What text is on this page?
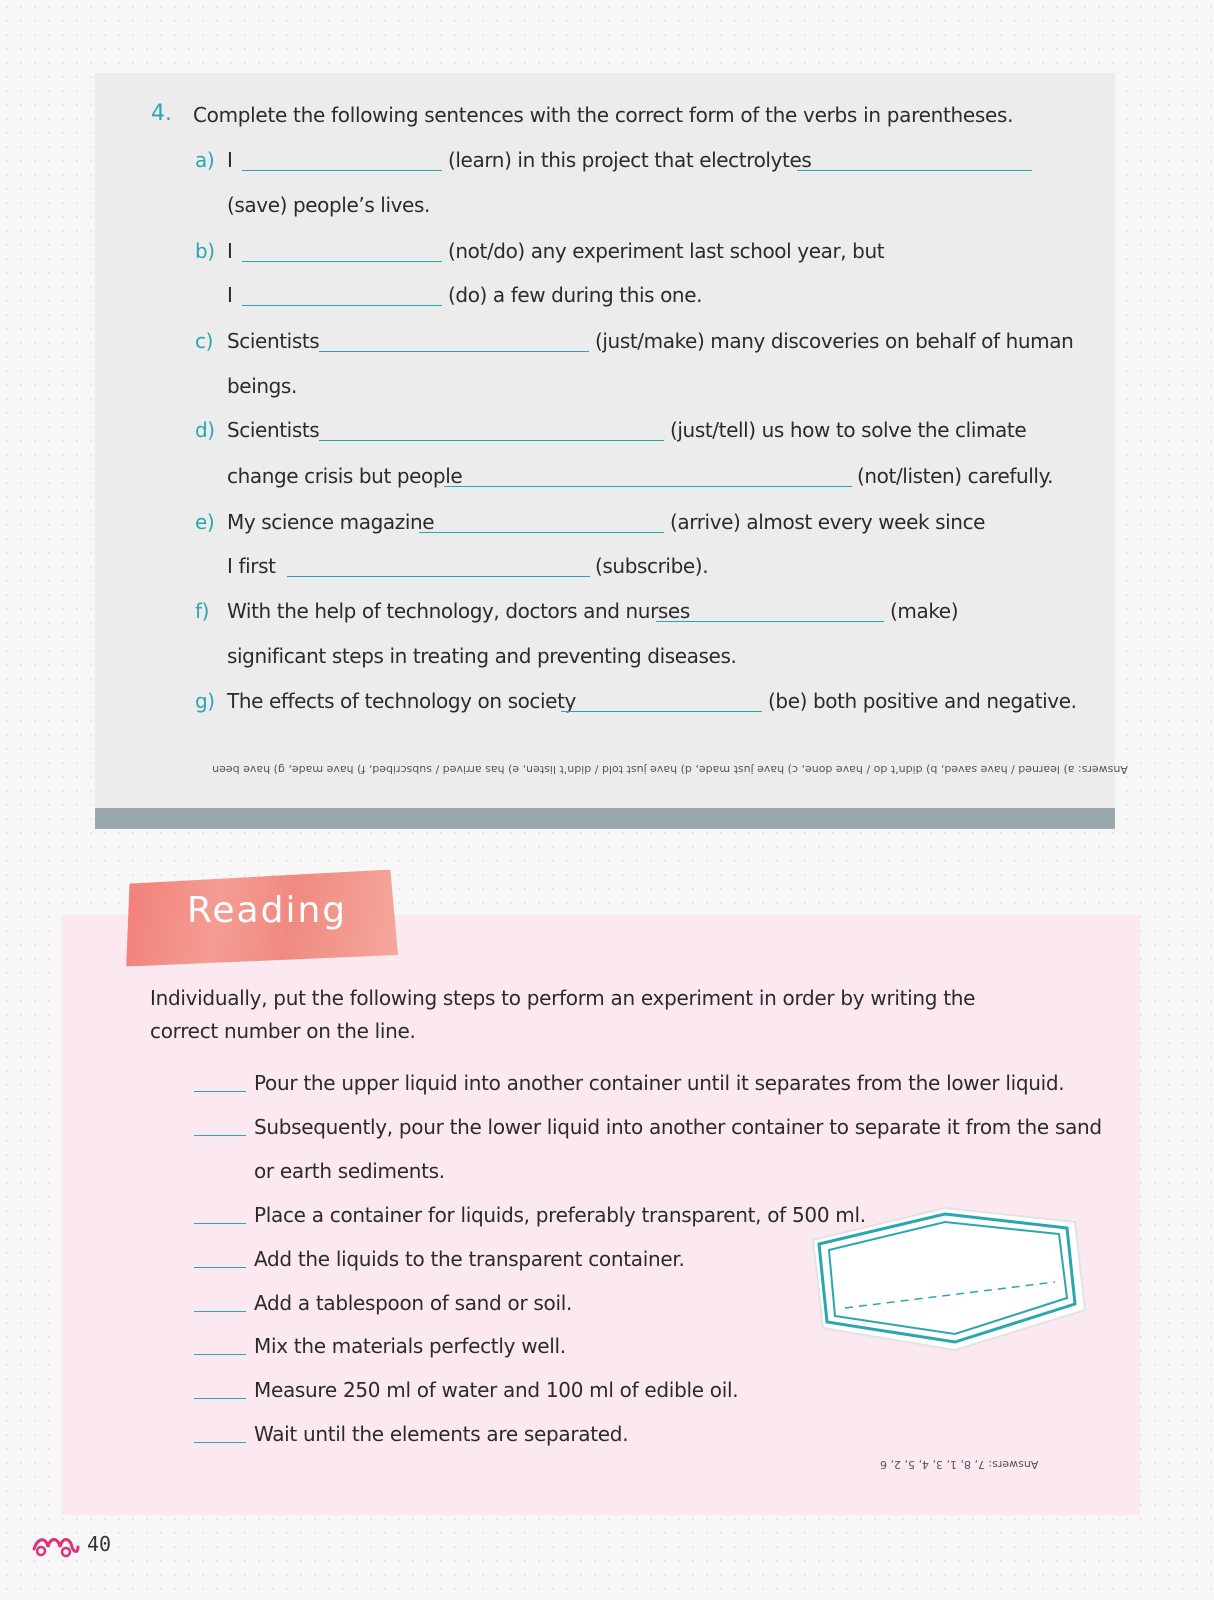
4. Complete the following sentences with the correct form of the verbs in parentheses.
a) I	(learn) in this project that electrolytes
(save) people’s lives.
b) I	(not/do) any experiment last school year, but
I	(do) a few during this one.
c) Scientists	(just/make) many discoveries on behalf of human
beings.
d) Scientists	(just/tell) us how to solve the climate
change crisis but people	(not/listen) carefully.
e) My science magazine	(arrive) almost every week since
I first	(subscribe).
f) With the help of technology, doctors and nurses	(make)
significant steps in treating and preventing diseases.
g) The effects of technology on society	(be) both positive and negative.
Answers: a) learned / have saved, b) didn’t do / have done, c) have just made, d) have just told / didn’t listen, e) has arrived / subscribed, f) have made, g) have been
Reading
Individually, put the following steps to perform an experiment in order by writing the correct number on the line.
Pour the upper liquid into another container until it separates from the lower liquid.
Subsequently, pour the lower liquid into another container to separate it from the sand
or earth sediments.
Place a container for liquids, preferably transparent, of 500 ml.
Add the liquids to the transparent container.
Add a tablespoon of sand or soil.
Mix the materials perfectly well.
Measure 250 ml of water and 100 ml of edible oil.
Wait until the elements are separated.
Answers: 7, 8, 1, 3, 4, 5, 2, 6
40
